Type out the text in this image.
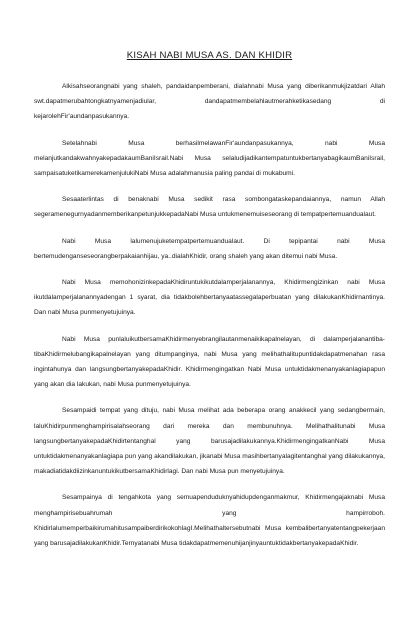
KISAH NABI MUSA AS. DAN KHIDIR

Alkisahseorangnabi yang shaleh, pandaidanpemberani, dialahnabi Musa yang diberikanmukjizatdari Allah swt.dapatmerubahtongkatnyamenjadiular, dandapatmembelahlautmerahketikasedang di kejarolehFir'aundanpasukannya.

Setelahnabi Musa berhasilmelawanFir'aundanpasukannya, nabi Musa melanjutkandakwahnyakepadakaumBaniIsrail.Nabi Musa selaludijadikantempatuntukbertanyabagikaumBaniIsrail, sampaisatuketikamerekamenjulukiNabi Musa adalahmanusia paling pandai di mukabumi.

Sesaaterlintas di benaknabi Musa sedikit rasa sombongataskepandaiannya, namun Allah segeramenegurnyadanmemberikanpetunjukkepadaNabi Musa untukmenemuiseseorang di tempatpertemuandualaut.

Nabi Musa lalumenujuketempatpertemuandualaut. Di tepipantai nabi Musa bertemudenganseseorangberpakaianhijau, ya..dialahKhidir, orang shaleh yang akan ditemui nabi Musa.

Nabi Musa memohonizinkepadaKhidiruntukikutdalamperjalanannya, Khidirmengizinkan nabi Musa ikutdalamperjalanannyadengan 1 syarat, dia tidakbolehbertanyaatassegalaperbuatan yang dilakukanKhidirnantinya. Dan nabi Musa punmenyetujuinya.

Nabi Musa punlaluikutbersamaKhidirmenyebrangilautanmenaikikapalnelayan, di dalamperjalanantiba-tibaKhidirmelubangikapalnelayan yang ditumpanginya, nabi Musa yang melihathalitupuntidakdapatmenahan rasa ingintahunya dan langsungbertanyakepadaKhidir. Khidirmengingatkan Nabi Musa untuktidakmenanyakanlagiapapun yang akan dia lakukan, nabi Musa punmenyetujuinya.

Sesampaidi tempat yang dituju, nabi Musa melihat ada beberapa orang anakkecil yang sedangbermain, laluKhidirpunmenghampirisalahseorang dari mereka dan membunuhnya. Melihathalitunabi Musa langsungbertanyakepadaKhidirtentanghal yang barusajadilakukannya.KhidirmengingatkanNabi Musa untuktidakmenanyakanlagiapa pun yang akandilakukan, jikanabi Musa masihbertanyalagitentanghal yang dilakukannya, makadiatidakdiizinkanuntukikutbersamaKhidirlagi. Dan nabi Musa pun menyetujuinya.

Sesampainya di tengahkota yang semuapenduduknyahidupdenganmakmur, Khidirmengajaknabi Musa menghampirisebuahrumah yang hampirroboh. KhidirlalumemperbaikirumahitusampaiberdirikokohlagI.Melihathaltersebutnabi Musa kembalibertanyatentangpekerjaan yang barusajadilakukanKhidir.Ternyatanabi Musa tidakdapatmemenuhijanjinyauntuktidakbertanyakepadaKhidir.
